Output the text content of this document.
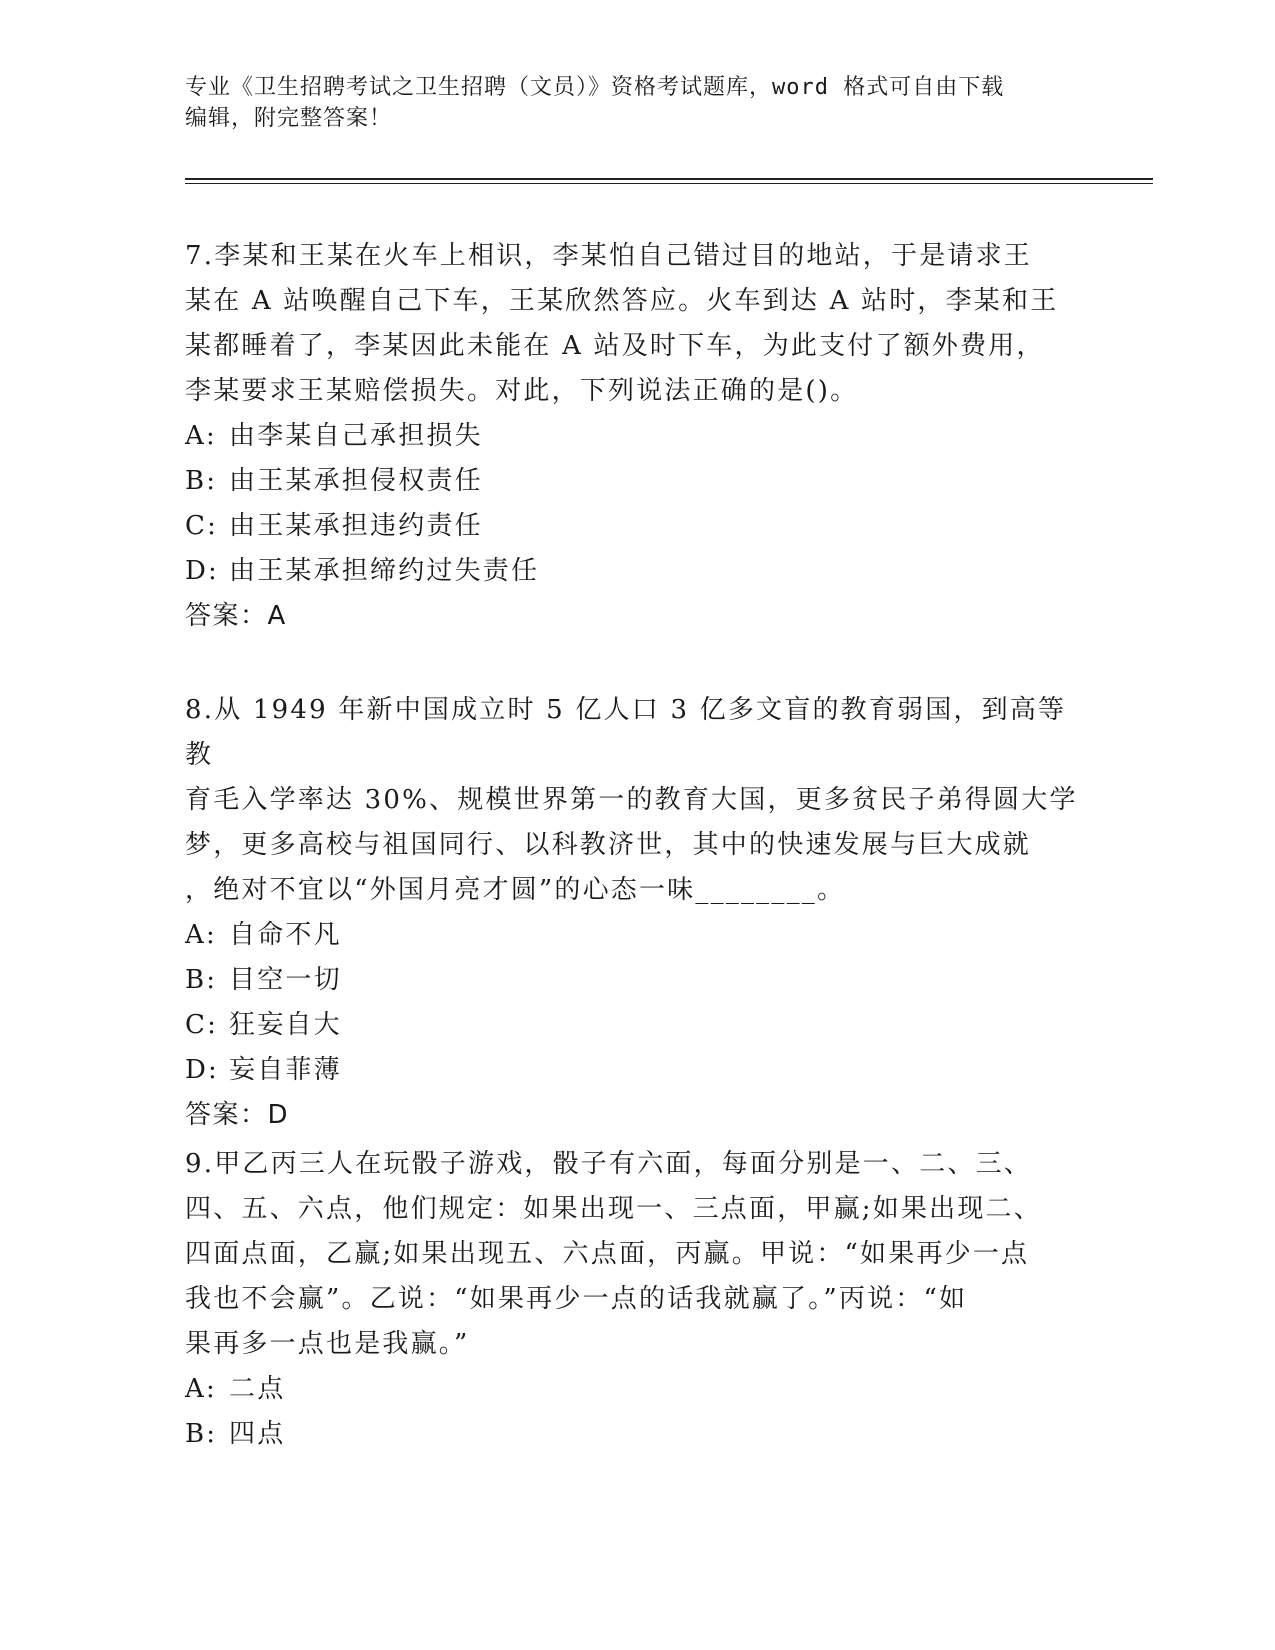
专业《卫生招聘考试之卫生招聘（文员）》资格考试题库，word 格式可自由下载
编辑，附完整答案！

7.李某和王某在火车上相识，李某怕自己错过目的地站，于是请求王

某在 A 站唤醒自己下车，王某欣然答应。火车到达 A 站时，李某和王

某都睡着了，李某因此未能在 A 站及时下车，为此支付了额外费用，

李某要求王某赔偿损失。对此，下列说法正确的是()。

A: 由李某自己承担损失
B: 由王某承担侵权责任
C: 由王某承担违约责任
D: 由王某承担缔约过失责任

答案：A

8.从 1949 年新中国成立时 5 亿人口 3 亿多文盲的教育弱国，到高等教

育毛入学率达 30%、规模世界第一的教育大国，更多贫民子弟得圆大学

梦，更多高校与祖国同行、以科教济世，其中的快速发展与巨大成就

，绝对不宜以“外国月亮才圆”的心态一味________。

A: 自命不凡
B: 目空一切
C: 狂妄自大
D: 妄自菲薄

答案：D

9.甲乙丙三人在玩骰子游戏，骰子有六面，每面分别是一、二、三、

四、五、六点，他们规定：如果出现一、三点面，甲赢;如果出现二、

四面点面，乙赢;如果出现五、六点面，丙赢。甲说：“如果再少一点

我也不会赢”。乙说：“如果再少一点的话我就赢了。”丙说：“如

果再多一点也是我赢。”

A: 二点
B: 四点
